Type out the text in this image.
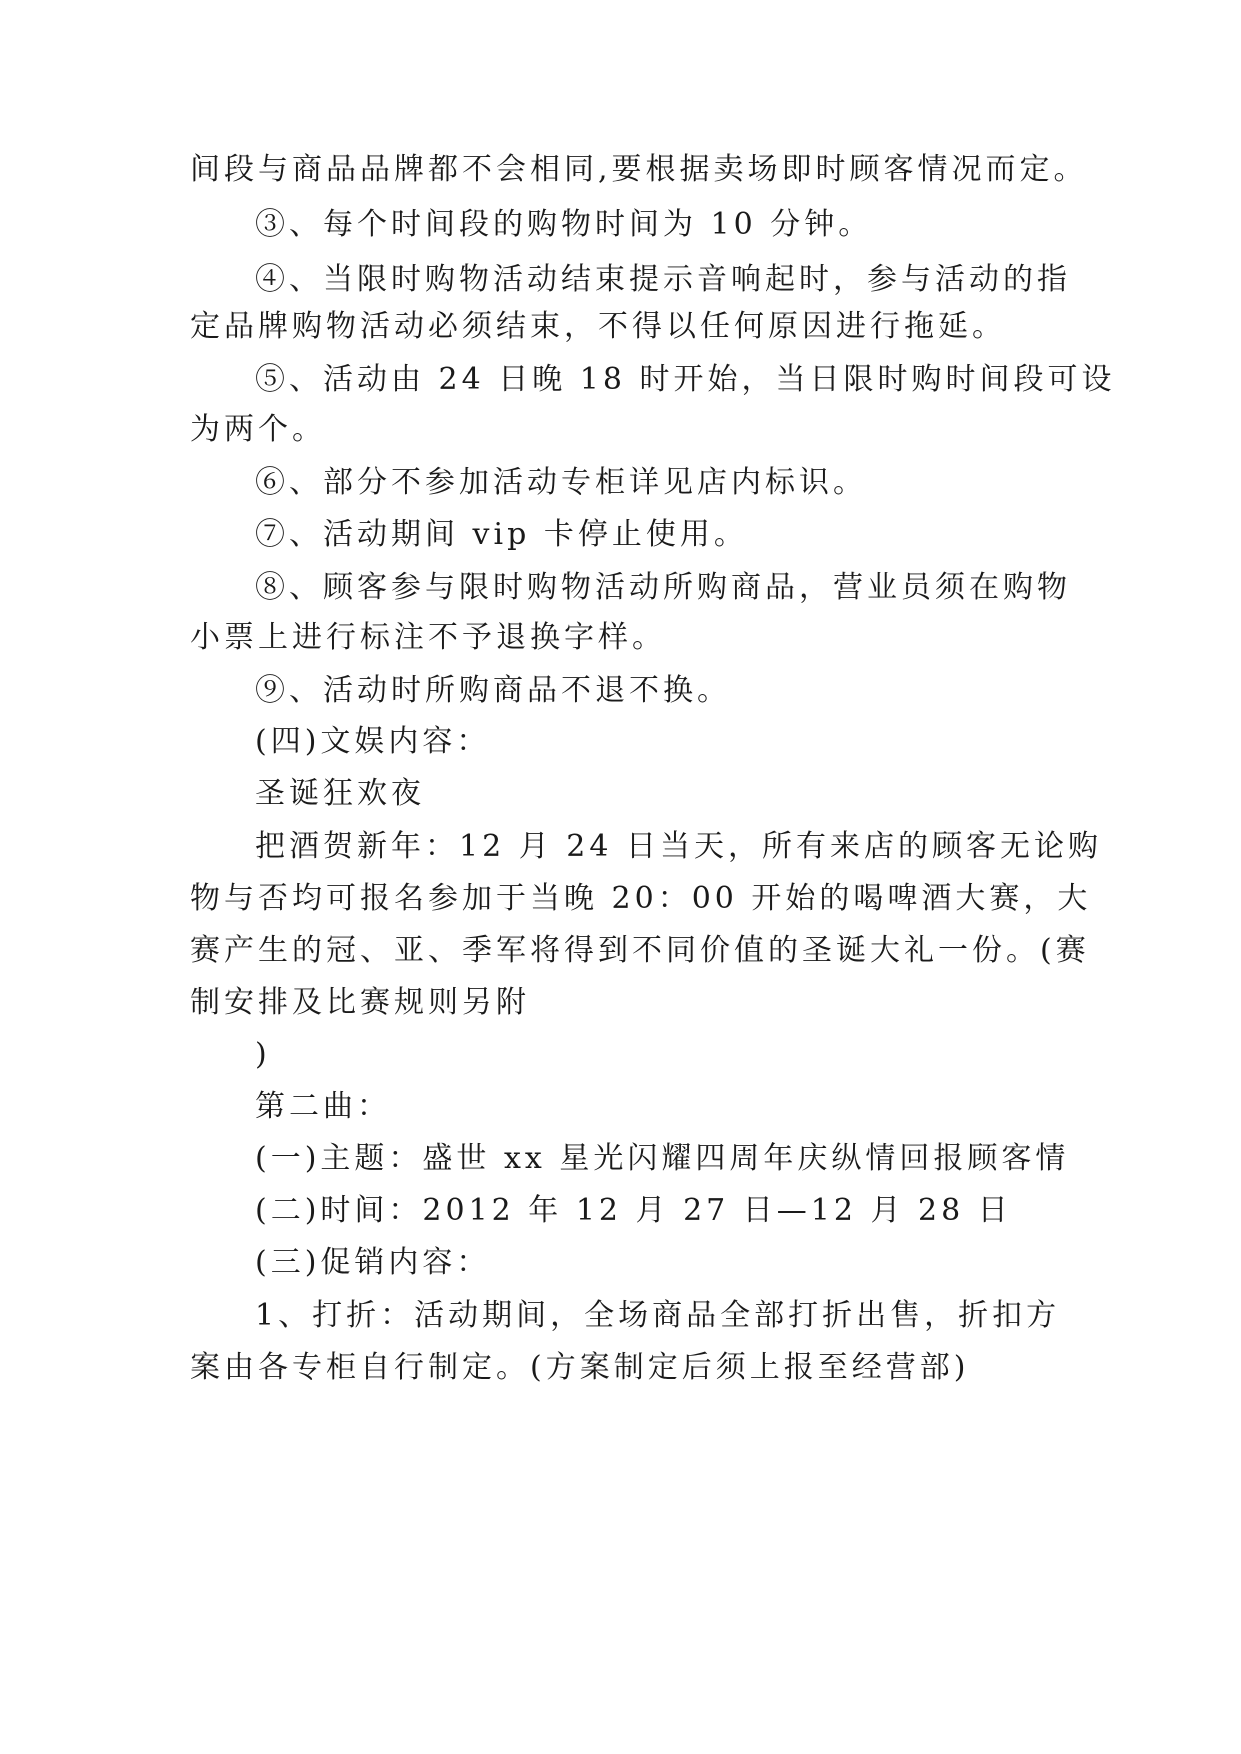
间段与商品品牌都不会相同,要根据卖场即时顾客情况而定。
③、每个时间段的购物时间为 10 分钟。
④、当限时购物活动结束提示音响起时，参与活动的指
定品牌购物活动必须结束，不得以任何原因进行拖延。
⑤、活动由 24 日晚 18 时开始，当日限时购时间段可设
为两个。
⑥、部分不参加活动专柜详见店内标识。
⑦、活动期间 vip 卡停止使用。
⑧、顾客参与限时购物活动所购商品，营业员须在购物
小票上进行标注不予退换字样。
⑨、活动时所购商品不退不换。
(四)文娱内容：
圣诞狂欢夜
把酒贺新年：12 月 24 日当天，所有来店的顾客无论购
物与否均可报名参加于当晚 20：00 开始的喝啤酒大赛，大
赛产生的冠、亚、季军将得到不同价值的圣诞大礼一份。(赛
制安排及比赛规则另附
)
第二曲：
(一)主题：盛世 xx 星光闪耀四周年庆纵情回报顾客情
(二)时间：2012 年 12 月 27 日—12 月 28 日
(三)促销内容：
1、打折：活动期间，全场商品全部打折出售，折扣方
案由各专柜自行制定。(方案制定后须上报至经营部)
